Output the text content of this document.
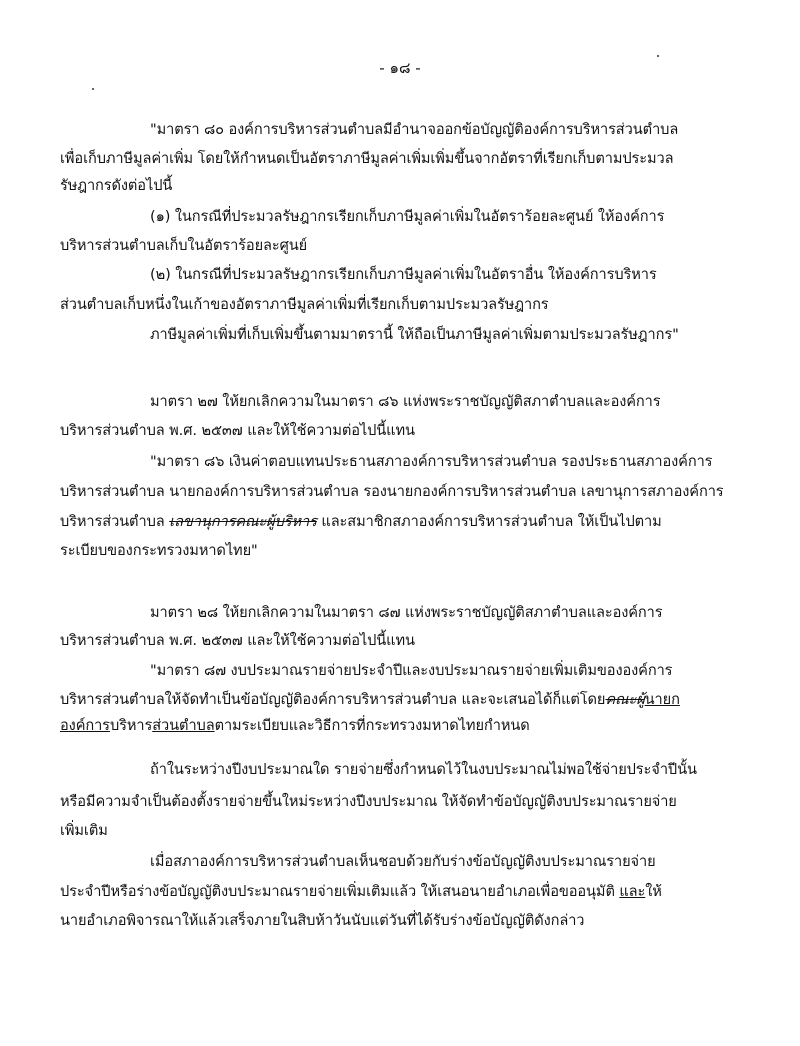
- ๑๘ -
"มาตรา ๘๐ องค์การบริหารส่วนตำบลมีอำนาจออกข้อบัญญัติองค์การบริหารส่วนตำบล
เพื่อเก็บภาษีมูลค่าเพิ่ม โดยให้กำหนดเป็นอัตราภาษีมูลค่าเพิ่มเพิ่มขึ้นจากอัตราที่เรียกเก็บตามประมวล
รัษฎากรดังต่อไปนี้
(๑) ในกรณีที่ประมวลรัษฎากรเรียกเก็บภาษีมูลค่าเพิ่มในอัตราร้อยละศูนย์ ให้องค์การ
บริหารส่วนตำบลเก็บในอัตราร้อยละศูนย์
(๒) ในกรณีที่ประมวลรัษฎากรเรียกเก็บภาษีมูลค่าเพิ่มในอัตราอื่น ให้องค์การบริหาร
ส่วนตำบลเก็บหนึ่งในเก้าของอัตราภาษีมูลค่าเพิ่มที่เรียกเก็บตามประมวลรัษฎากร
ภาษีมูลค่าเพิ่มที่เก็บเพิ่มขึ้นตามมาตรานี้ ให้ถือเป็นภาษีมูลค่าเพิ่มตามประมวลรัษฎากร"
มาตรา ๒๗ ให้ยกเลิกความในมาตรา ๘๖ แห่งพระราชบัญญัติสภาตำบลและองค์การ
บริหารส่วนตำบล พ.ศ. ๒๕๓๗ และให้ใช้ความต่อไปนี้แทน
"มาตรา ๘๖ เงินค่าตอบแทนประธานสภาองค์การบริหารส่วนตำบล รองประธานสภาองค์การ
บริหารส่วนตำบล นายกองค์การบริหารส่วนตำบล รองนายกองค์การบริหารส่วนตำบล เลขานุการสภาองค์การ
บริหารส่วนตำบล เลขานุการคณะผู้บริหาร และสมาชิกสภาองค์การบริหารส่วนตำบล ให้เป็นไปตาม
ระเบียบของกระทรวงมหาดไทย"
มาตรา ๒๘ ให้ยกเลิกความในมาตรา ๘๗ แห่งพระราชบัญญัติสภาตำบลและองค์การ
บริหารส่วนตำบล พ.ศ. ๒๕๓๗ และให้ใช้ความต่อไปนี้แทน
"มาตรา ๘๗ งบประมาณรายจ่ายประจำปีและงบประมาณรายจ่ายเพิ่มเติมขององค์การ
บริหารส่วนตำบลให้จัดทำเป็นข้อบัญญัติองค์การบริหารส่วนตำบล และจะเสนอได้ก็แต่โดยคณะผู้นายก
องค์การบริหารส่วนตำบลตามระเบียบและวิธีการที่กระทรวงมหาดไทยกำหนด
ถ้าในระหว่างปีงบประมาณใด รายจ่ายซึ่งกำหนดไว้ในงบประมาณไม่พอใช้จ่ายประจำปีนั้น
หรือมีความจำเป็นต้องตั้งรายจ่ายขึ้นใหม่ระหว่างปีงบประมาณ ให้จัดทำข้อบัญญัติงบประมาณรายจ่าย
เพิ่มเติม
เมื่อสภาองค์การบริหารส่วนตำบลเห็นชอบด้วยกับร่างข้อบัญญัติงบประมาณรายจ่าย
ประจำปีหรือร่างข้อบัญญัติงบประมาณรายจ่ายเพิ่มเติมแล้ว ให้เสนอนายอำเภอเพื่อขออนุมัติ และให้
นายอำเภอพิจารณาให้แล้วเสร็จภายในสิบห้าวันนับแต่วันที่ได้รับร่างข้อบัญญัติดังกล่าว
